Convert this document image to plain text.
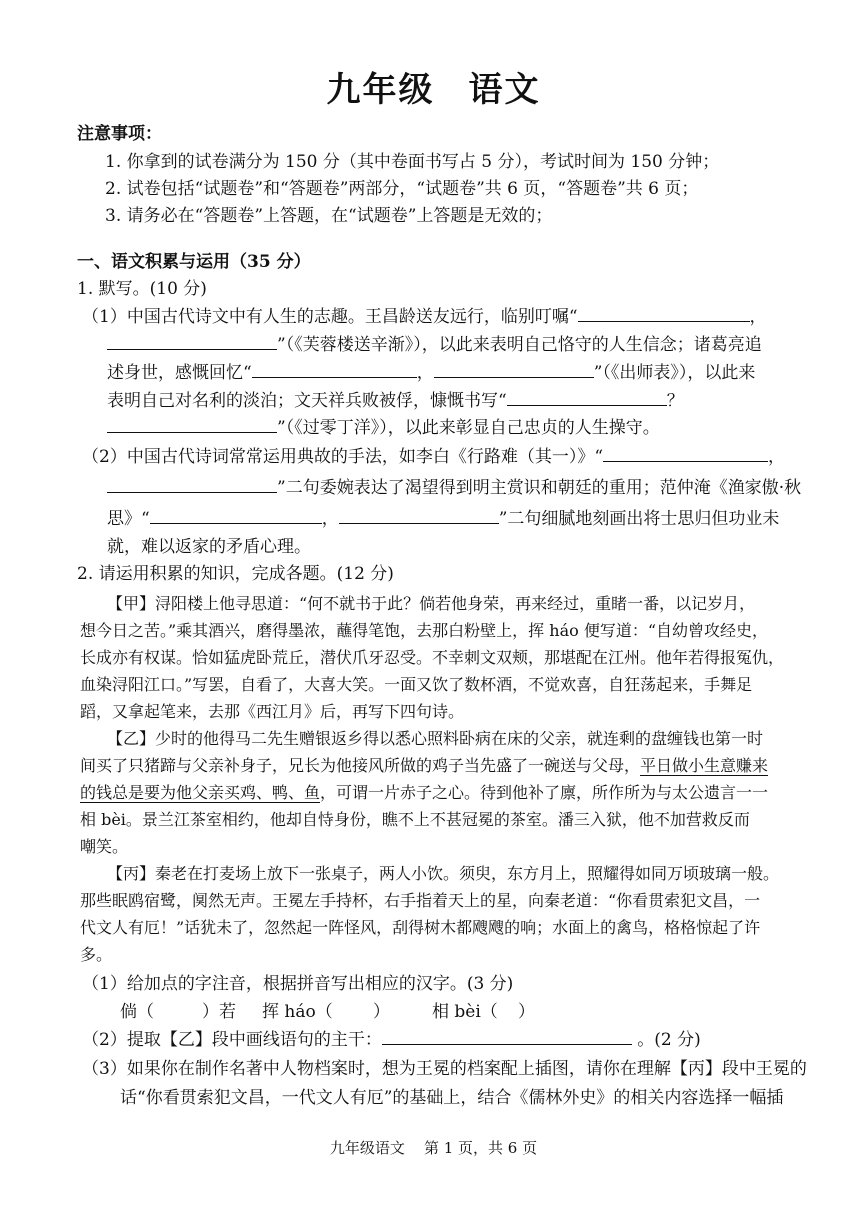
九年级 语文
注意事项：
1. 你拿到的试卷满分为 150 分（其中卷面书写占 5 分），考试时间为 150 分钟；
2. 试卷包括“试题卷”和“答题卷”两部分，“试题卷”共 6 页，“答题卷”共 6 页；
3. 请务必在“答题卷”上答题，在“试题卷”上答题是无效的；
一、语文积累与运用（35 分）
1. 默写。(10 分)
（1）中国古代诗文中有人生的志趣。王昌龄送友远行，临别叮嘱“	，
”（《芙蓉楼送辛渐》），以此来表明自己恪守的人生信念；诸葛亮追
述身世，感慨回忆“	，	”（《出师表》），以此来
表明自己对名利的淡泊；文天祥兵败被俘，慷慨书写“	？
”（《过零丁洋》），以此来彰显自己忠贞的人生操守。
（2）中国古代诗词常常运用典故的手法，如李白《行路难（其一）》“	，
”二句委婉表达了渴望得到明主赏识和朝廷的重用；范仲淹《渔家傲·秋
思》“	，	”二句细腻地刻画出将士思归但功业未
就，难以返家的矛盾心理。
2. 请运用积累的知识，完成各题。(12 分)
【甲】浔阳楼上他寻思道：“何不就书于此？倘若他身荣，再来经过，重睹一番，以记岁月，
想今日之苦。”乘其酒兴，磨得墨浓，蘸得笔饱，去那白粉壁上，挥 háo 便写道：“自幼曾攻经史，
长成亦有权谋。恰如猛虎卧荒丘，潜伏爪牙忍受。不幸刺文双颊，那堪配在江州。他年若得报冤仇，
血染浔阳江口。”写罢，自看了，大喜大笑。一面又饮了数杯酒，不觉欢喜，自狂荡起来，手舞足
蹈，又拿起笔来，去那《西江月》后，再写下四句诗。
【乙】少时的他得马二先生赠银返乡得以悉心照料卧病在床的父亲，就连剩的盘缠钱也第一时
间买了只猪蹄与父亲补身子，兄长为他接风所做的鸡子当先盛了一碗送与父母，平日做小生意赚来
的钱总是要为他父亲买鸡、鸭、鱼，可谓一片赤子之心。待到他补了廪，所作所为与太公遗言一一
相 bèi。景兰江茶室相约，他却自恃身份，瞧不上不甚冠冕的茶室。潘三入狱，他不加营救反而
嘲笑。
【丙】秦老在打麦场上放下一张桌子，两人小饮。须臾，东方月上，照耀得如同万顷玻璃一般。
那些眠鸥宿鹭，阒然无声。王冕左手持杯，右手指着天上的星，向秦老道：“你看贯索犯文昌，一
代文人有厄！”话犹未了，忽然起一阵怪风，刮得树木都飕飕的响；水面上的禽鸟，格格惊起了许
多。
（1）给加点的字注音，根据拼音写出相应的汉字。(3 分)
倘（	）若 挥 háo（ ） 相 bèi（ ）
（2）提取【乙】段中画线语句的主干：	。(2 分)
（3）如果你在制作名著中人物档案时，想为王冕的档案配上插图，请你在理解【丙】段中王冕的
话“你看贯索犯文昌，一代文人有厄”的基础上，结合《儒林外史》的相关内容选择一幅插
九年级语文 第 1 页，共 6 页
